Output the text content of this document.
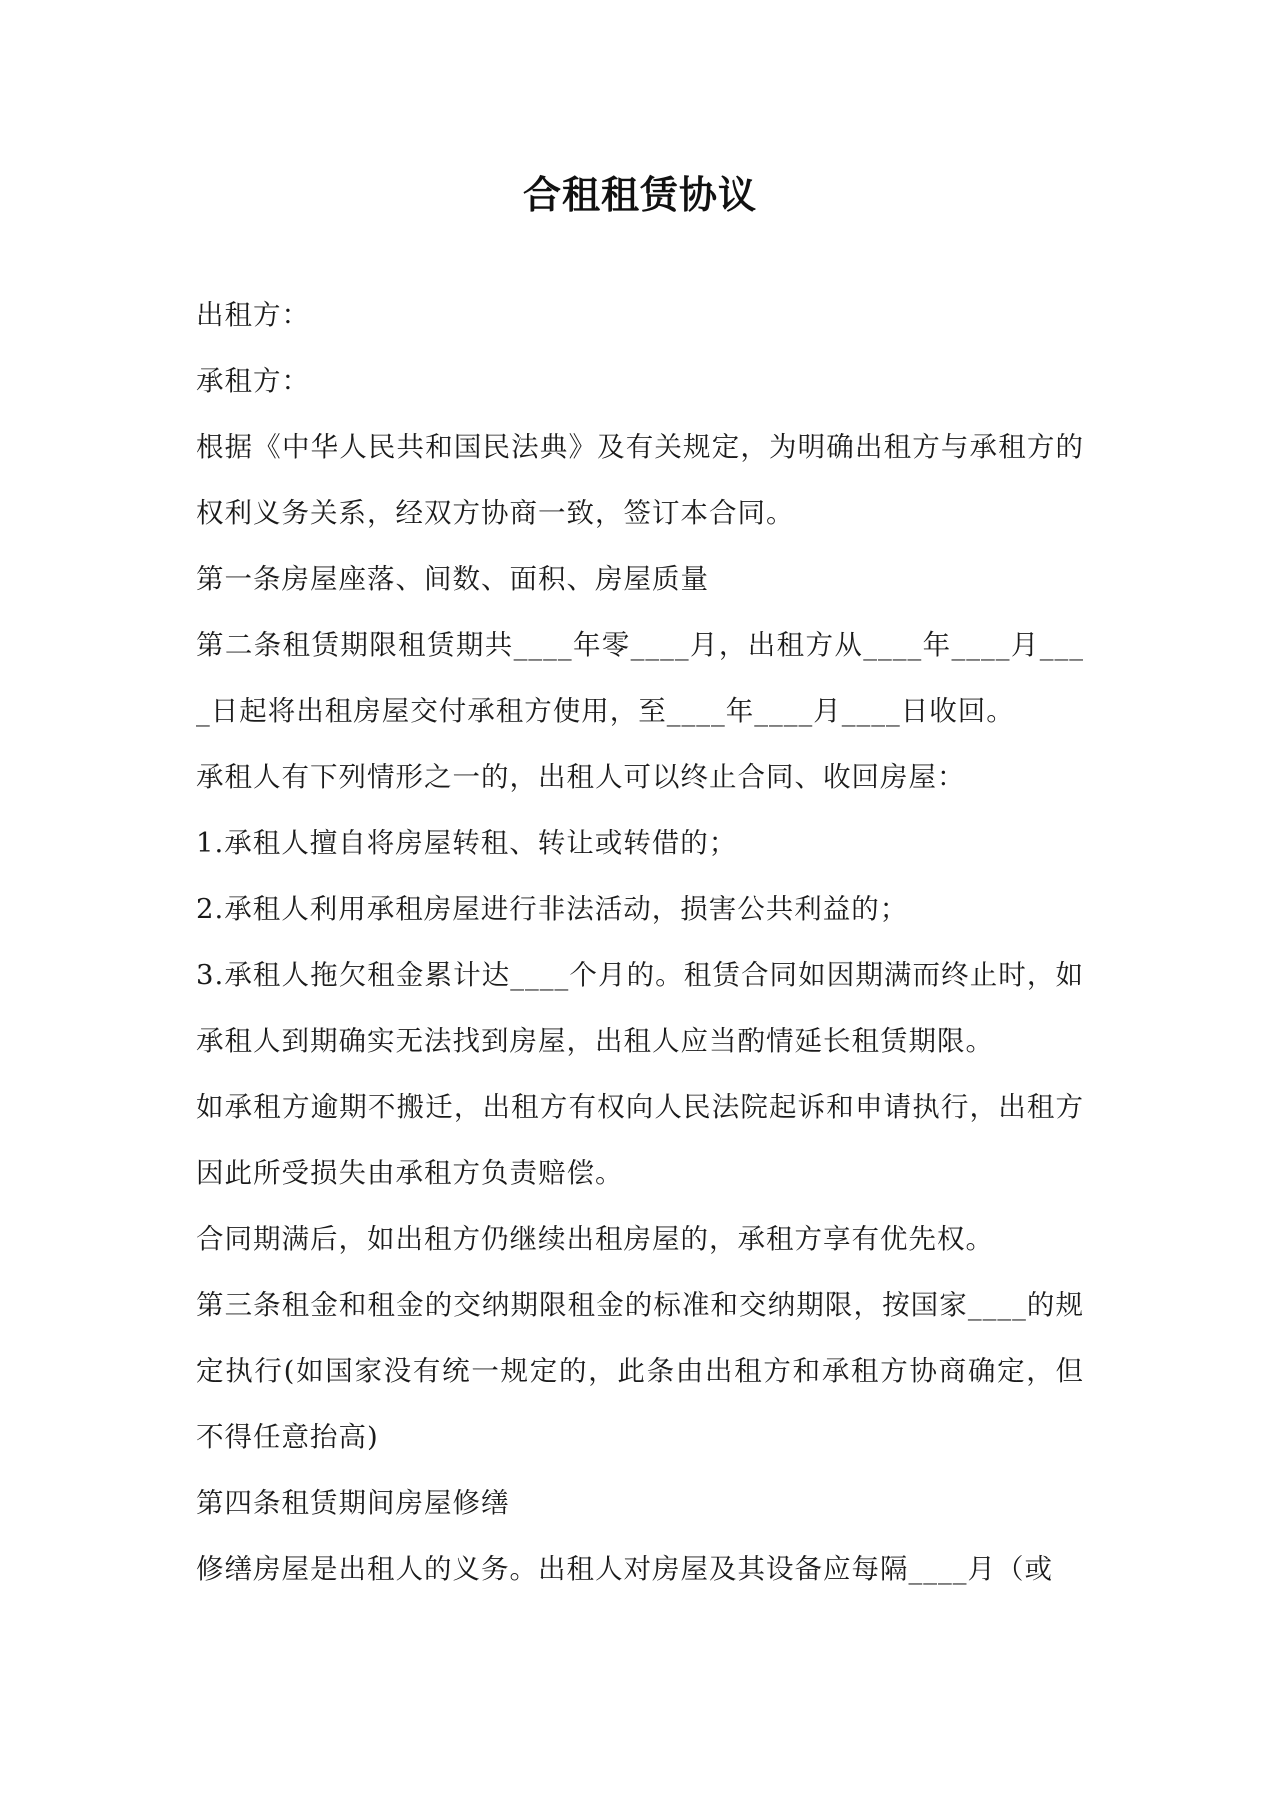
合租租赁协议

出租方：

承租方：

根据《中华人民共和国民法典》及有关规定，为明确出租方与承租方的权利义务关系，经双方协商一致，签订本合同。

第一条房屋座落、间数、面积、房屋质量

第二条租赁期限租赁期共____年零____月，出租方从____年____月____日起将出租房屋交付承租方使用，至____年____月____日收回。

承租人有下列情形之一的，出租人可以终止合同、收回房屋：

1.承租人擅自将房屋转租、转让或转借的；

2.承租人利用承租房屋进行非法活动，损害公共利益的；

3.承租人拖欠租金累计达____个月的。租赁合同如因期满而终止时，如承租人到期确实无法找到房屋，出租人应当酌情延长租赁期限。

如承租方逾期不搬迁，出租方有权向人民法院起诉和申请执行，出租方因此所受损失由承租方负责赔偿。

合同期满后，如出租方仍继续出租房屋的，承租方享有优先权。

第三条租金和租金的交纳期限租金的标准和交纳期限，按国家____的规定执行(如国家没有统一规定的，此条由出租方和承租方协商确定，但不得任意抬高)

第四条租赁期间房屋修缮

修缮房屋是出租人的义务。出租人对房屋及其设备应每隔____月（或
